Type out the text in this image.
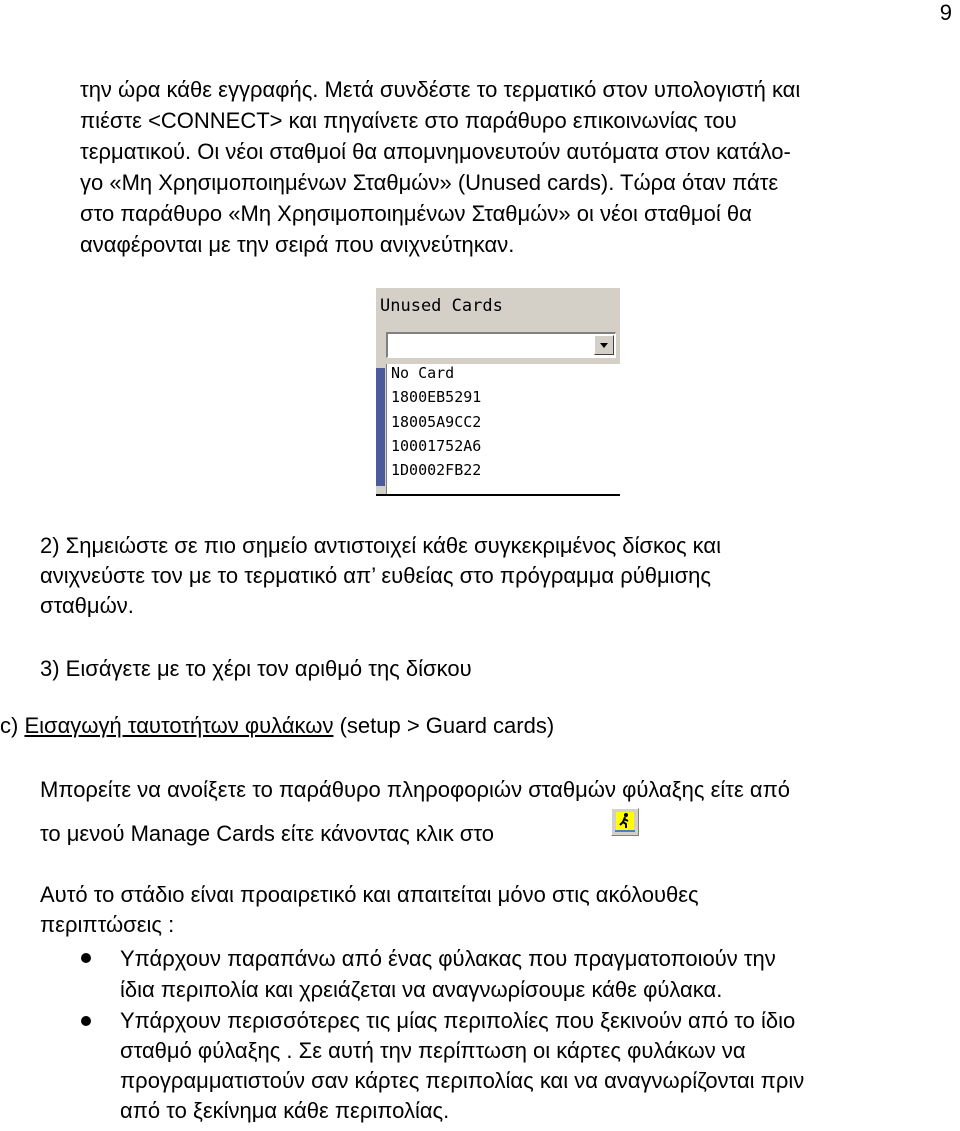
9

την ώρα κάθε εγγραφής. Μετά συνδέστε το τερματικό στον υπολογιστή και
πιέστε <CONNECT> και πηγαίνετε στο παράθυρο επικοινωνίας του
τερματικού. Οι νέοι σταθμοί θα απομνημονευτούν αυτόματα στον κατάλο-
γο «Μη Χρησιμοποιημένων Σταθμών» (Unused cards). Τώρα όταν πάτε
στο παράθυρο «Μη Χρησιμοποιημένων Σταθμών» οι νέοι σταθμοί θα
αναφέρονται με την σειρά που ανιχνεύτηκαν.

Unused Cards
No Card
1800EB5291
18005A9CC2
10001752A6
1D0002FB22

2) Σημειώστε σε πιο σημείο αντιστοιχεί κάθε συγκεκριμένος δίσκος και
ανιχνεύστε τον με το τερματικό απ’ ευθείας στο πρόγραμμα ρύθμισης
σταθμών.

3) Εισάγετε με το χέρι τον αριθμό της δίσκου

c) Εισαγωγή ταυτοτήτων φυλάκων (setup > Guard cards)

Μπορείτε να ανοίξετε το παράθυρο πληροφοριών σταθμών φύλαξης είτε από

το μενού Manage Cards είτε κάνοντας κλικ στο

Αυτό το στάδιο είναι προαιρετικό και απαιτείται μόνο στις ακόλουθες
περιπτώσεις :

Υπάρχουν παραπάνω από ένας φύλακας που πραγματοποιούν την
ίδια περιπολία και χρειάζεται να αναγνωρίσουμε κάθε φύλακα.
Υπάρχουν περισσότερες τις μίας περιπολίες που ξεκινούν από το ίδιο
σταθμό φύλαξης . Σε αυτή την περίπτωση οι κάρτες φυλάκων να
προγραμματιστούν σαν κάρτες περιπολίας και να αναγνωρίζονται πριν
από το ξεκίνημα κάθε περιπολίας.
